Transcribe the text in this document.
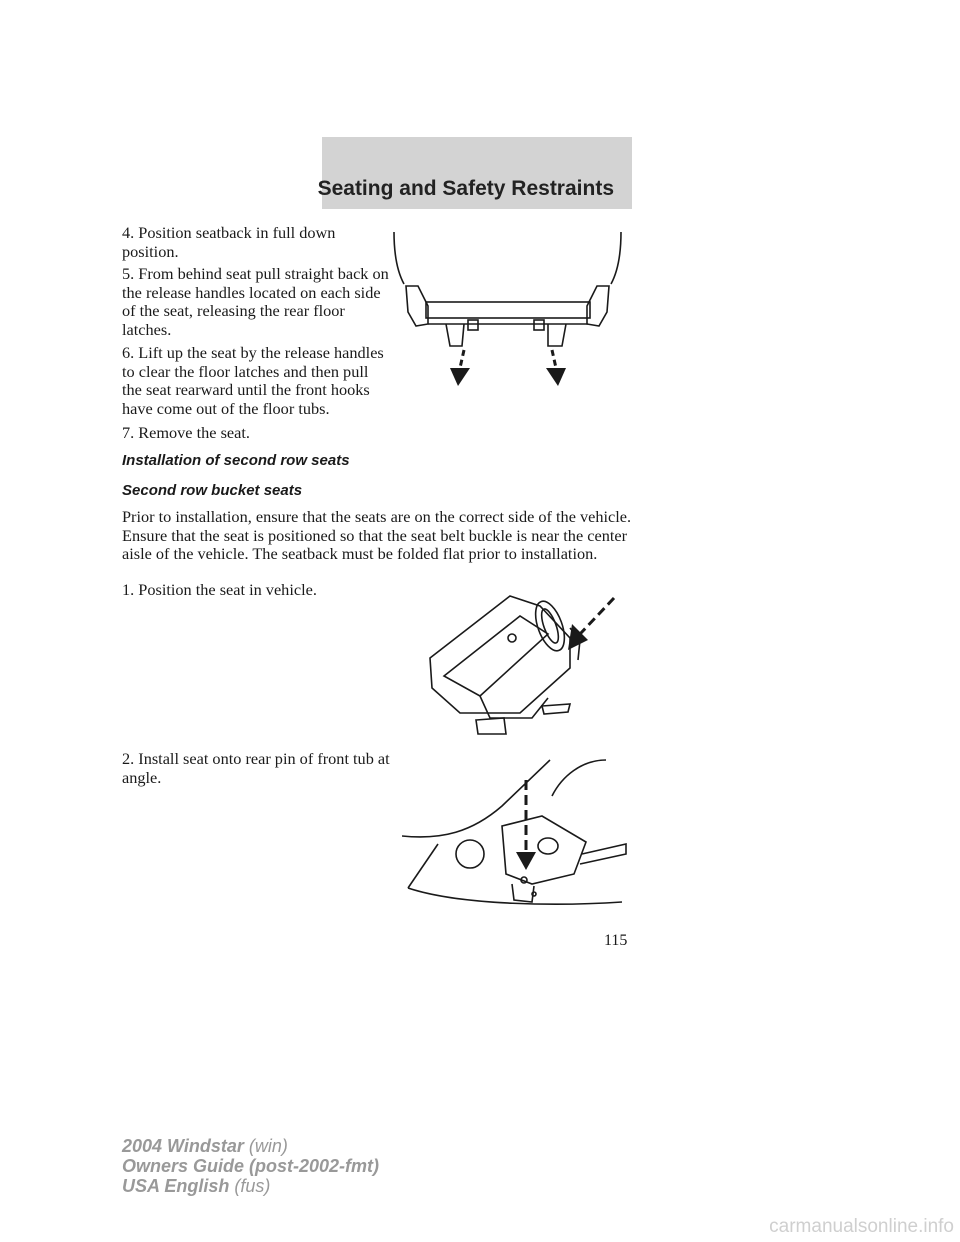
Seating and Safety Restraints

4. Position seatback in full down position.

5. From behind seat pull straight back on the release handles located on each side of the seat, releasing the rear floor latches.

6. Lift up the seat by the release handles to clear the floor latches and then pull the seat rearward until the front hooks have come out of the floor tubs.

7. Remove the seat.

Installation of second row seats

Second row bucket seats

Prior to installation, ensure that the seats are on the correct side of the vehicle. Ensure that the seat is positioned so that the seat belt buckle is near the center aisle of the vehicle. The seatback must be folded flat prior to installation.

1. Position the seat in vehicle.

2. Install seat onto rear pin of front tub at angle.

115
2004 Windstar (win)
Owners Guide (post-2002-fmt)
USA English (fus)
carmanualsonline.info
